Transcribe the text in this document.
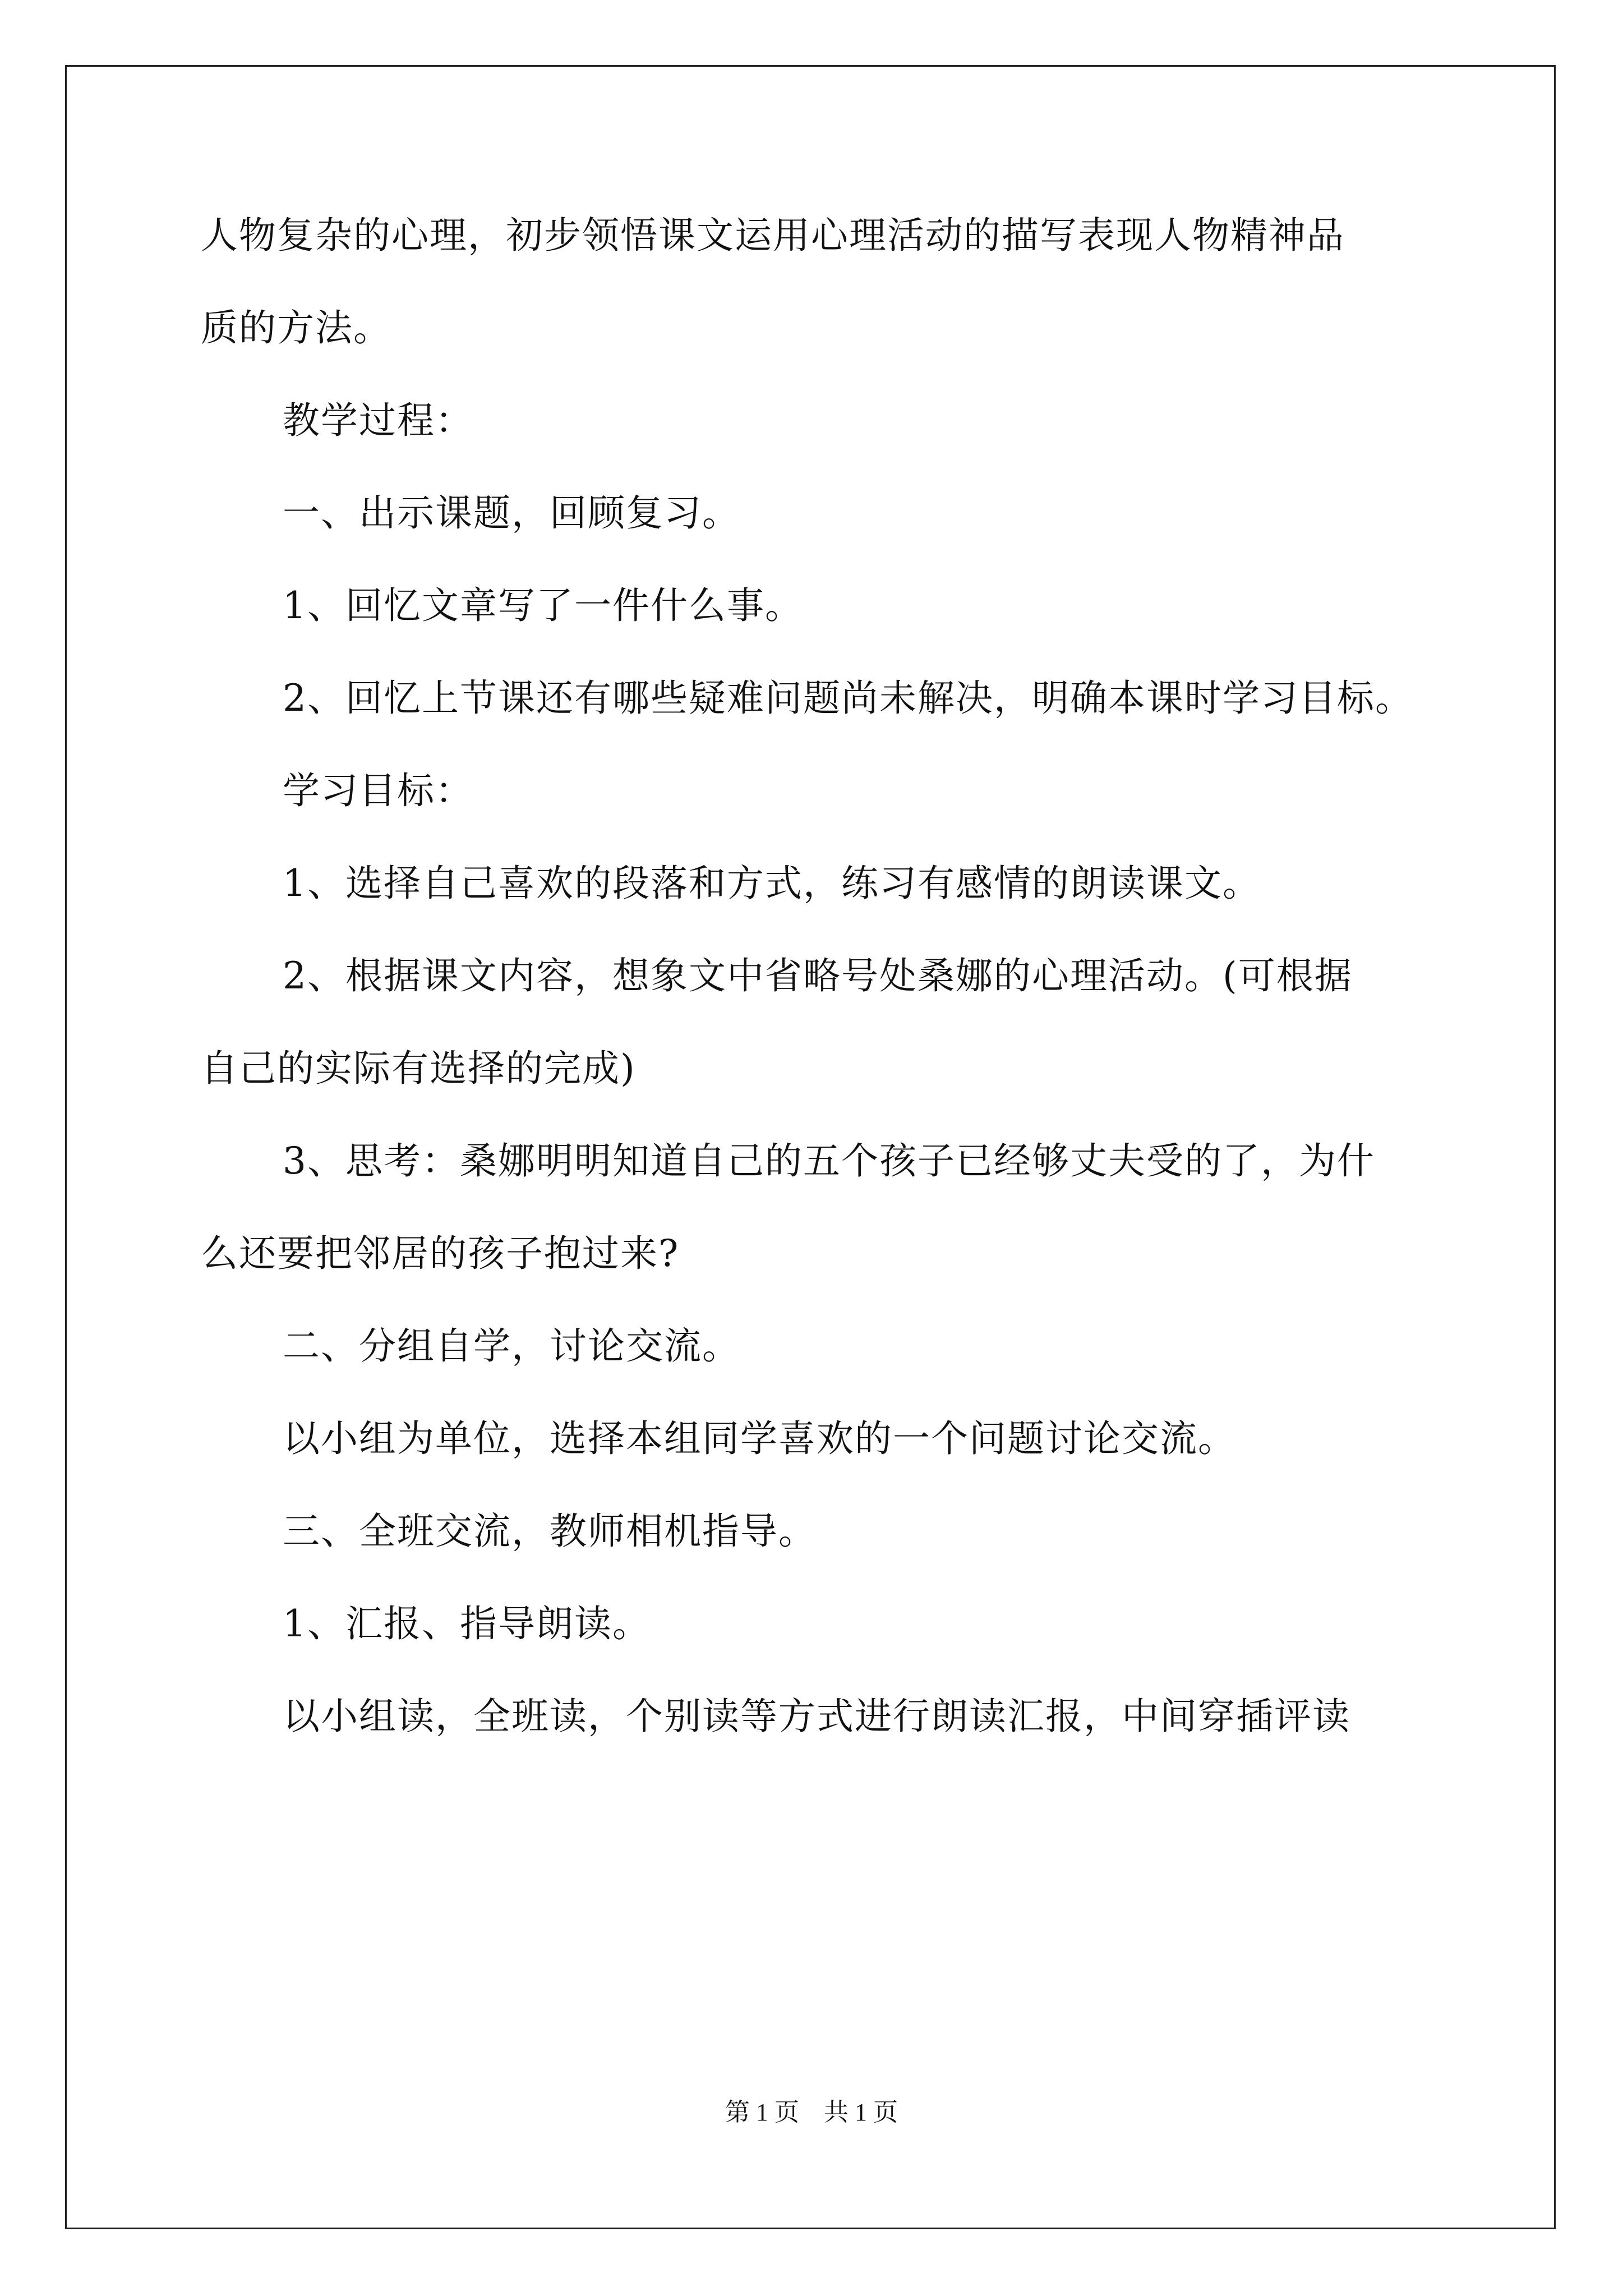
人物复杂的心理，初步领悟课文运用心理活动的描写表现人物精神品
质的方法。
教学过程：
一、出示课题，回顾复习。
1、回忆文章写了一件什么事。
2、回忆上节课还有哪些疑难问题尚未解决，明确本课时学习目标。
学习目标：
1、选择自己喜欢的段落和方式，练习有感情的朗读课文。
2、根据课文内容，想象文中省略号处桑娜的心理活动。(可根据
自己的实际有选择的完成)
3、思考：桑娜明明知道自己的五个孩子已经够丈夫受的了，为什
么还要把邻居的孩子抱过来?
二、分组自学，讨论交流。
以小组为单位，选择本组同学喜欢的一个问题讨论交流。
三、全班交流，教师相机指导。
1、汇报、指导朗读。
以小组读，全班读，个别读等方式进行朗读汇报，中间穿插评读
第 1 页　共 1 页
